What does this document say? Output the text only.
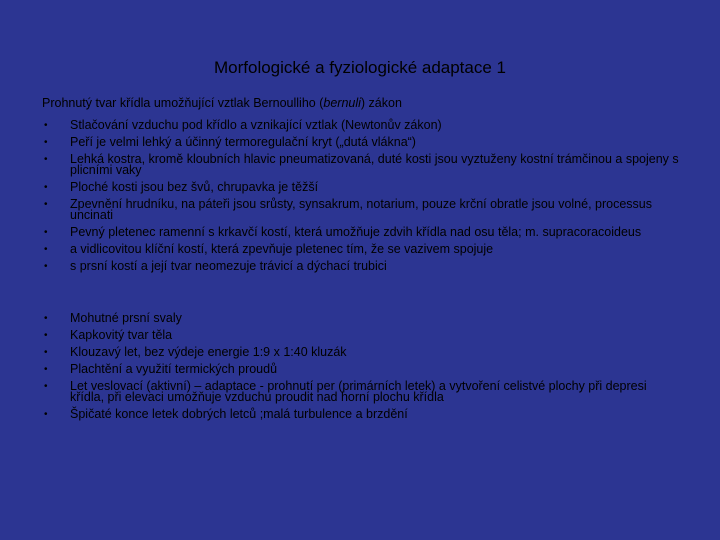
Morfologické a fyziologické adaptace 1
Prohnutý tvar křídla umožňující vztlak Bernoulliho (bernuli) zákon
• Stlačování vzduchu pod křídlo a vznikající vztlak (Newtonův zákon)
• Peří je velmi lehký a účinný termoregulační kryt („dutá vlákna“)
• Lehká kostra, kromě kloubních hlavic pneumatizovaná, duté kosti jsou vyztuženy kostní trámčinou a spojeny s plicními vaky
• Ploché kosti jsou bez švů, chrupavka je těžší
• Zpevnění hrudníku, na páteři jsou srůsty, synsakrum, notarium, pouze krční obratle jsou volné, processus uncinati
• Pevný pletenec ramenní s krkavčí kostí, která umožňuje zdvih křídla nad osu těla; m. supracoracoideus
• a vidlicovitou klíční kostí, která zpevňuje pletenec tím, že se vazivem spojuje
• s prsní kostí a její tvar neomezuje trávicí a dýchací trubici
• Mohutné prsní svaly
• Kapkovitý tvar těla
• Klouzavý let, bez výdeje energie 1:9 x 1:40 kluzák
• Plachtění a využití termických proudů
• Let veslovací (aktivní) – adaptace - prohnutí per (primárních letek) a vytvoření celistvé plochy při depresi křídla, při elevaci umožňuje vzduchu proudit nad horní plochu křídla
• Špičaté konce letek dobrých letců ;malá turbulence a brzdění
